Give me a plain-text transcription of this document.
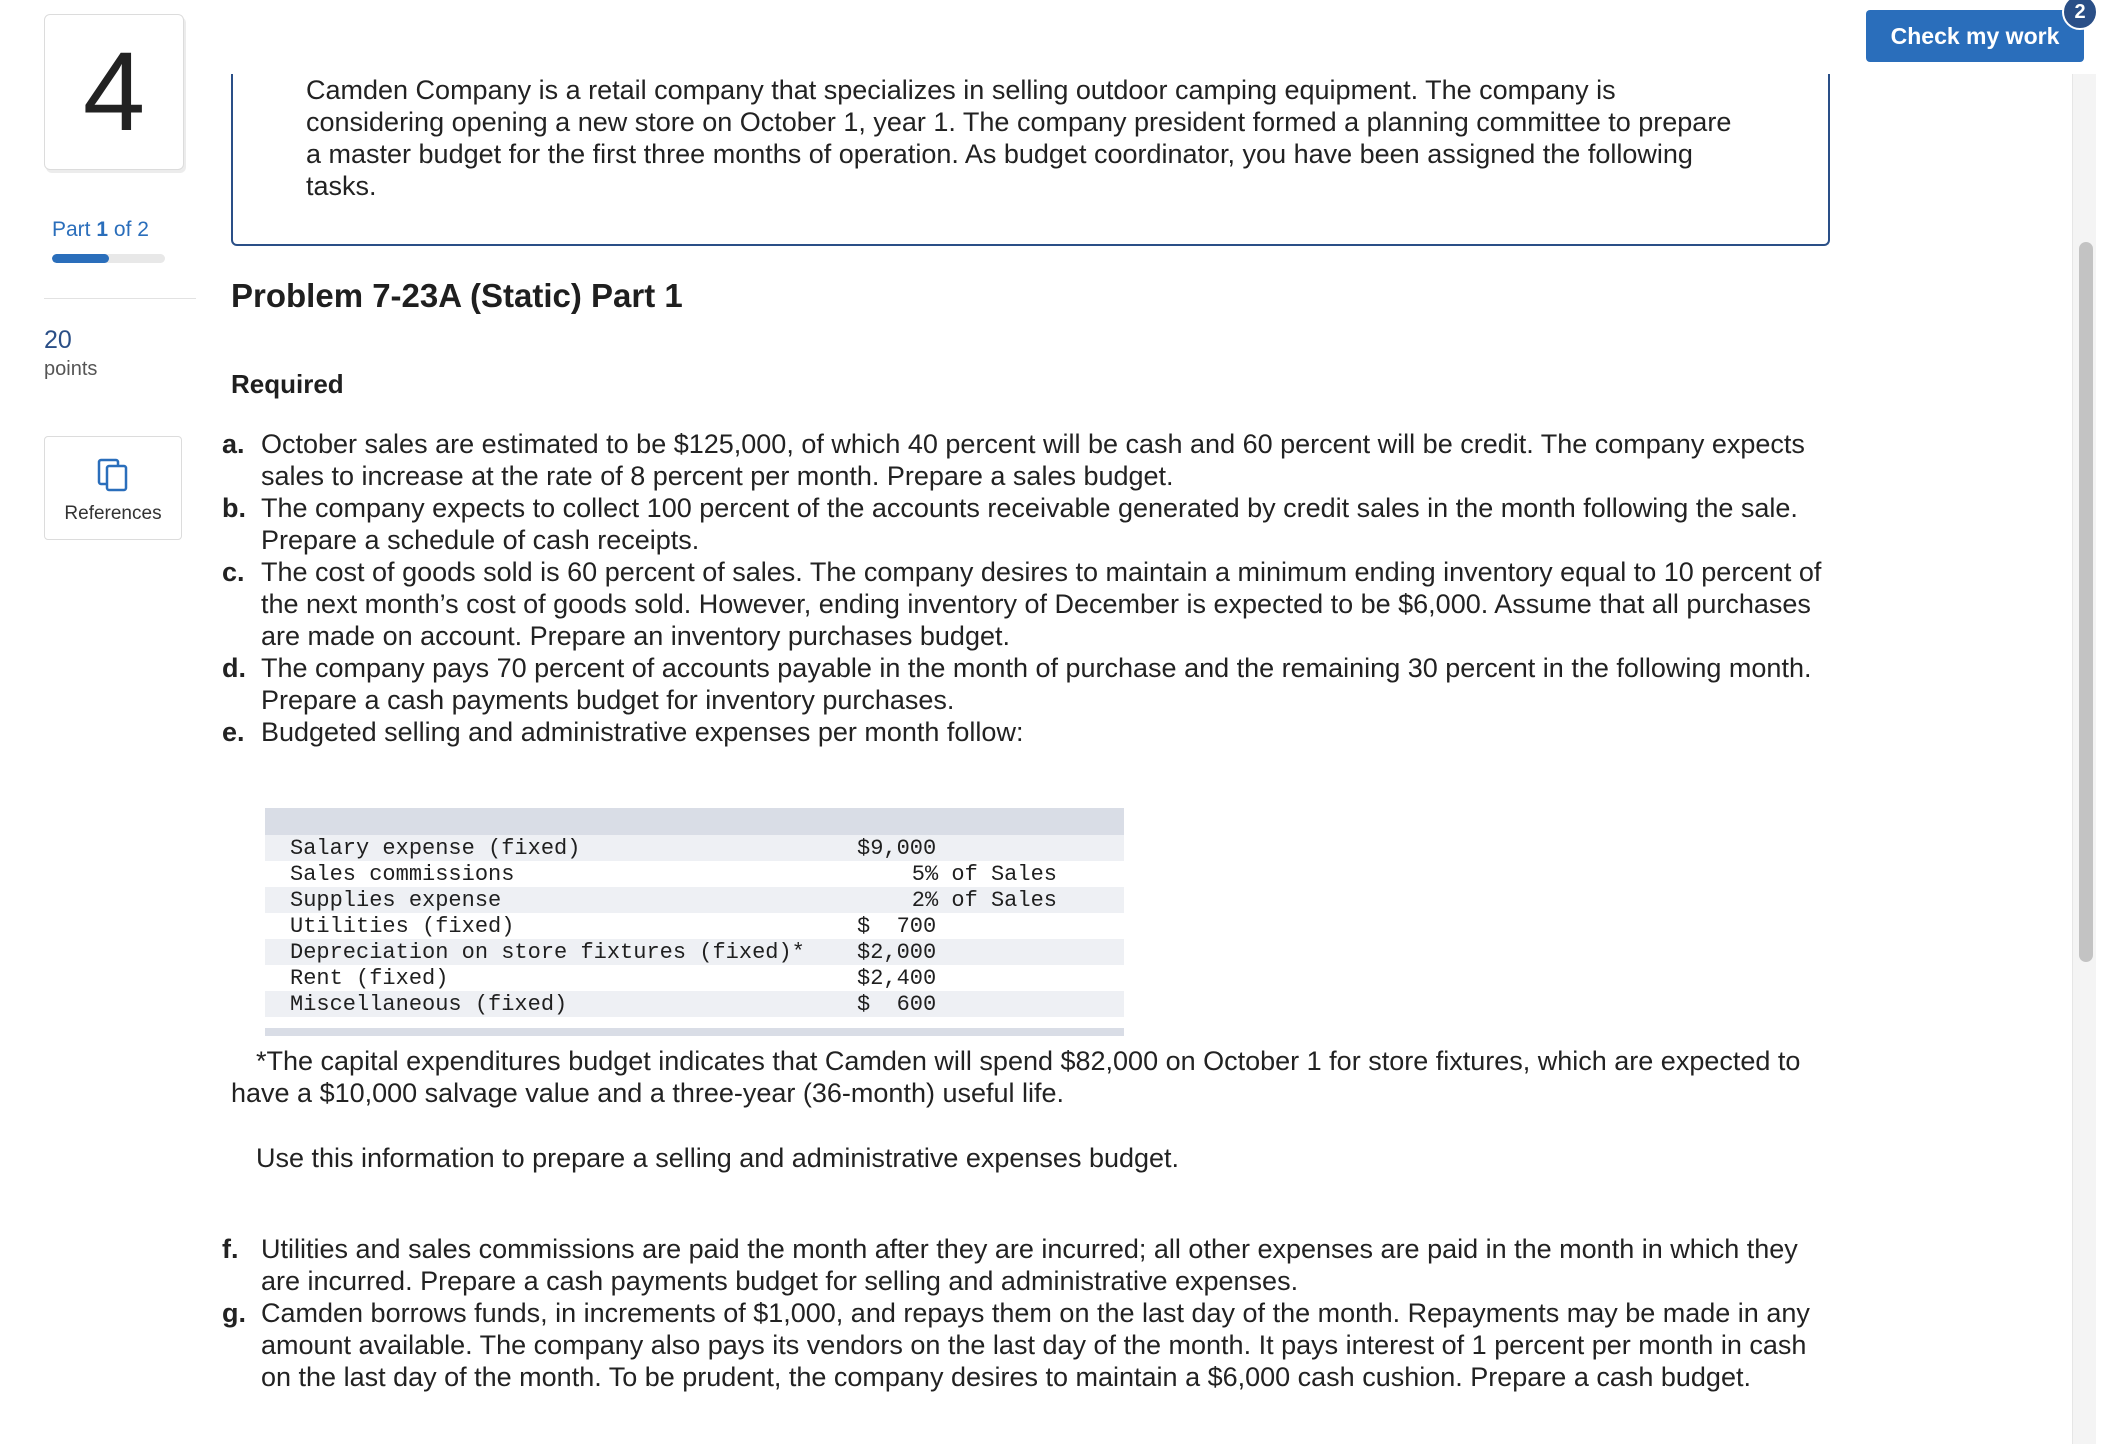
4
Part 1 of 2
20
points
References
Check my work
2

Camden Company is a retail company that specializes in selling outdoor camping equipment. The company is considering opening a new store on October 1, year 1. The company president formed a planning committee to prepare a master budget for the first three months of operation. As budget coordinator, you have been assigned the following tasks.

Problem 7-23A (Static) Part 1
Required
a. October sales are estimated to be $125,000, of which 40 percent will be cash and 60 percent will be credit. The company expects sales to increase at the rate of 8 percent per month. Prepare a sales budget.
b. The company expects to collect 100 percent of the accounts receivable generated by credit sales in the month following the sale. Prepare a schedule of cash receipts.
c. The cost of goods sold is 60 percent of sales. The company desires to maintain a minimum ending inventory equal to 10 percent of the next month’s cost of goods sold. However, ending inventory of December is expected to be $6,000. Assume that all purchases are made on account. Prepare an inventory purchases budget.
d. The company pays 70 percent of accounts payable in the month of purchase and the remaining 30 percent in the following month. Prepare a cash payments budget for inventory purchases.
e. Budgeted selling and administrative expenses per month follow:
Salary expense (fixed)	$9,000
Sales commissions	5% of Sales
Supplies expense	2% of Sales
Utilities (fixed)	$  700
Depreciation on store fixtures (fixed)*	$2,000
Rent (fixed)	$2,400
Miscellaneous (fixed)	$  600

*The capital expenditures budget indicates that Camden will spend $82,000 on October 1 for store fixtures, which are expected to have a $10,000 salvage value and a three-year (36-month) useful life.

Use this information to prepare a selling and administrative expenses budget.

f. Utilities and sales commissions are paid the month after they are incurred; all other expenses are paid in the month in which they are incurred. Prepare a cash payments budget for selling and administrative expenses.
g. Camden borrows funds, in increments of $1,000, and repays them on the last day of the month. Repayments may be made in any amount available. The company also pays its vendors on the last day of the month. It pays interest of 1 percent per month in cash on the last day of the month. To be prudent, the company desires to maintain a $6,000 cash cushion. Prepare a cash budget.
